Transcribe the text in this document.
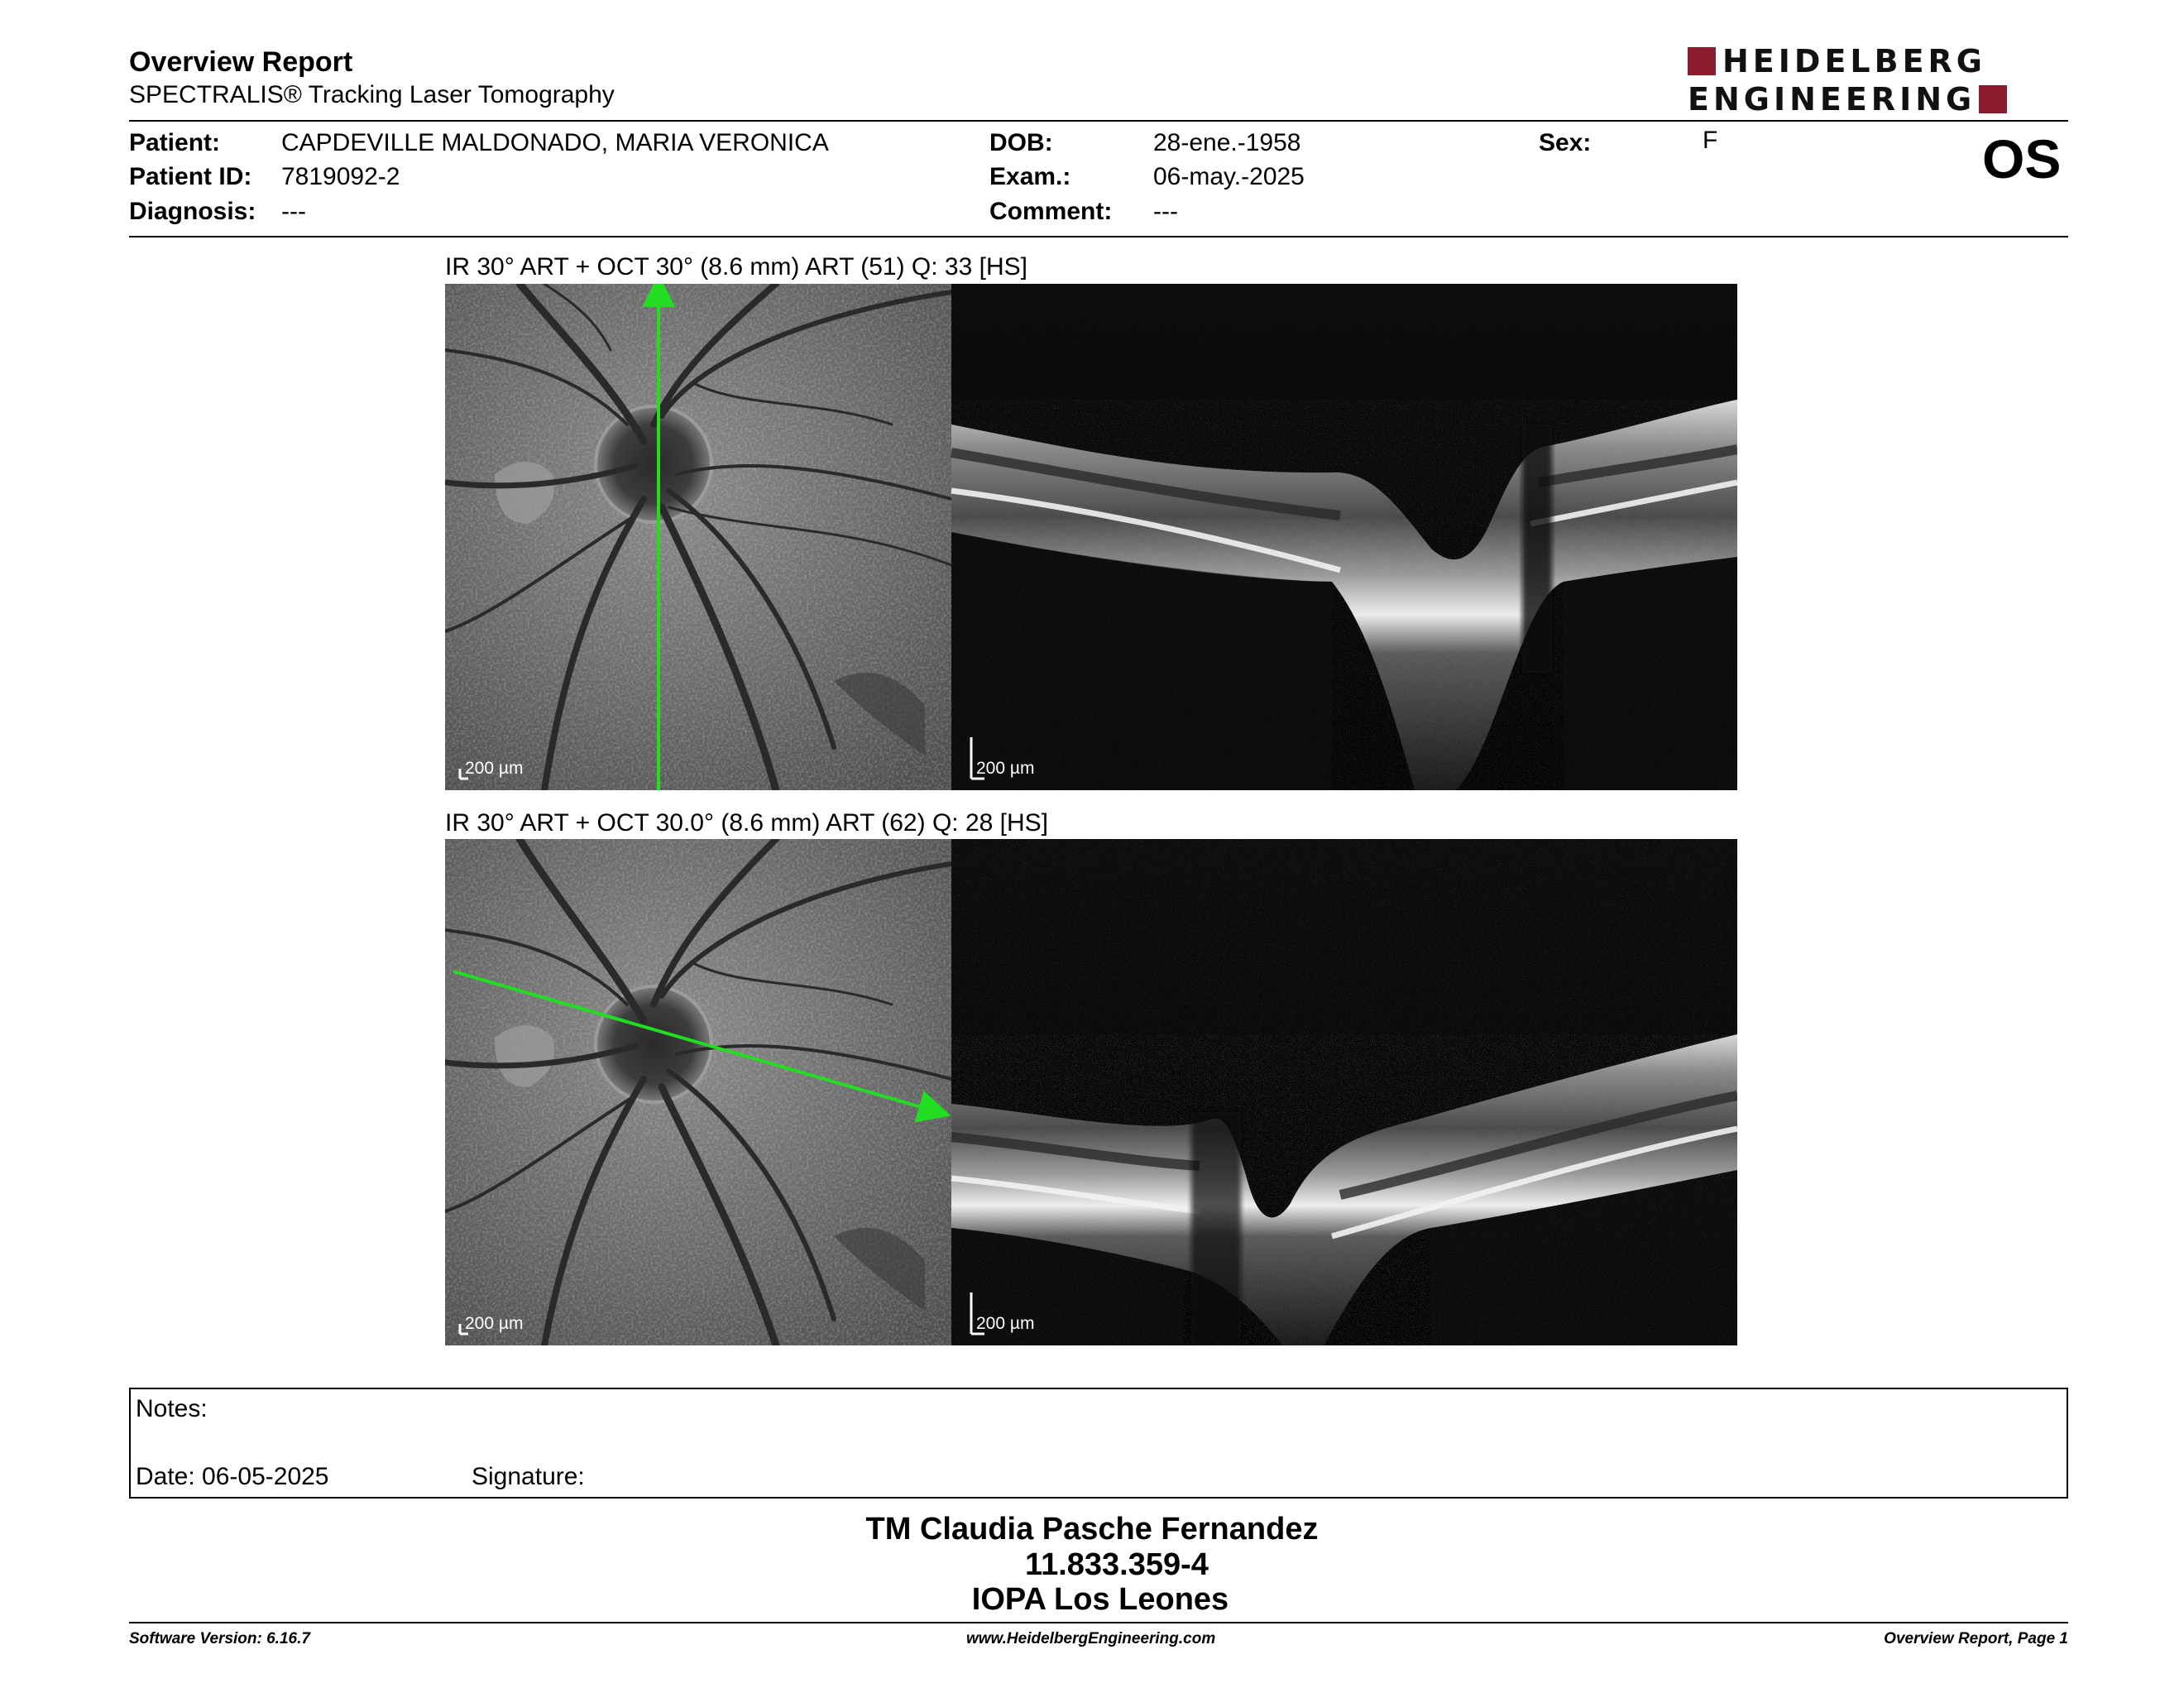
Overview Report
SPECTRALIS® Tracking Laser Tomography
HEIDELBERG
ENGINEERING
Patient: CAPDEVILLE MALDONADO, MARIA VERONICA
Patient ID: 7819092-2
Diagnosis: ---
DOB:	28-ene.-1958
Exam.:	06-may.-2025
Comment: ---
Sex:	F	OS
IR 30° ART + OCT 30° (8.6 mm) ART (51) Q: 33 [HS]
200 µm	200 µm
IR 30° ART + OCT 30.0° (8.6 mm) ART (62) Q: 28 [HS]
200 µm	200 µm
Notes:
Date: 06-05-2025	Signature:
TM Claudia Pasche Fernandez
11.833.359-4
IOPA Los Leones
Software Version: 6.16.7	www.HeidelbergEngineering.com	Overview Report, Page 1
